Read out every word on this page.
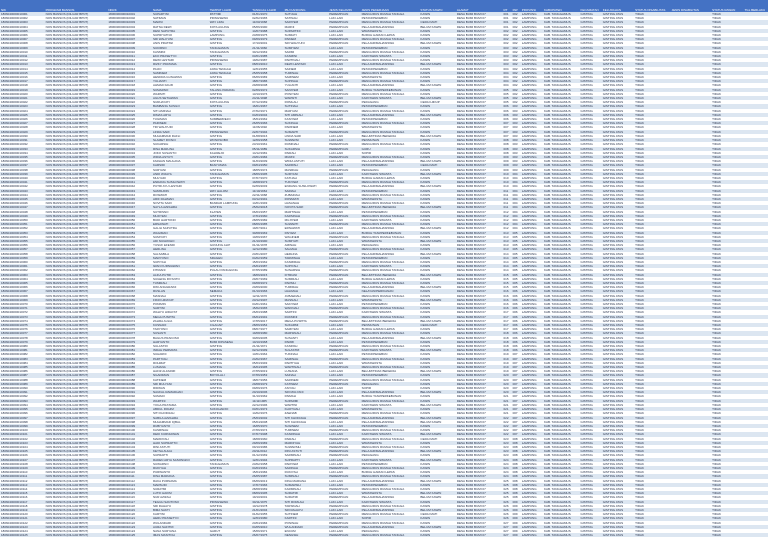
NIK	PROGRAM BANSOS	NKRK	NAMA	TEMPAT LAHIR	TANGGAL LAHIR	IBU KANDUNG	JENIS KELAMIN	JENIS PEKERJAAN	STATUS KAWIN	ALAMAT	RT	RW	PROVINSI	KABUPATEN	KECAMATAN	KELURAHAN	STATUS DISABILITAS	JENIS DISABILITAS	STATUS RAWAN	TGL BERLAKU
1806040000010001	NON BANSOS (DILUAR BPNT)	1806030000010001	SUPARTINI	PATTIMI	01/01/1970	SUTIJAH	PEREMPUAN	MENGURUS RUMAH TANGGA	KAWIN	DESA BUMI BUMI 07	001	002	LAMPUNG	KAB. TANGGAMUS	GISTING	GISTING ATAS	TIDAK		TIDAK	
1806040000010002	NON BANSOS (DILUAR BPNT)	1806030000010002	SATIMAN	PRINGSEWU	02/02/1965	SATINAH	LAKI-LAKI	PETANI/PEKEBUN	KAWIN	DESA BUMI BUMI 07	001	002	LAMPUNG	KAB. TANGGAMUS	GISTING	GISTING ATAS	TIDAK		TIDAK	
1806040000010003	NON BANSOS (DILUAR BPNT)	1806030000010003	MARNI	WAY LIMA	11/03/1968	SARIYEM	PEREMPUAN	MENGURUS RUMAH TANGGA	CERAI MATI	DESA BUMI BUMI 07	001	002	LAMPUNG	KAB. TANGGAMUS	GISTING	GISTING ATAS	TIDAK		TIDAK	
1806040000010004	NON BANSOS (DILUAR BPNT)	1806030000010004	RATNA DEWI	KOTA AGUNG	05/06/1990	MARNI	PEREMPUAN	PELAJAR/MAHASISWA	BELUM KAWIN	DESA BUMI BUMI 07	001	002	LAMPUNG	KAB. TANGGAMUS	GISTING	GISTING ATAS	TIDAK		TIDAK	
1806040000010005	NON BANSOS (DILUAR BPNT)	1806030000010005	DENI SAPUTRA	GISTING	14/07/1988	SUPARTINI	LAKI-LAKI	WIRASWASTA	KAWIN	DESA BUMI BUMI 07	002	002	LAMPUNG	KAB. TANGGAMUS	GISTING	GISTING ATAS	TIDAK		TIDAK	
1806040000010006	NON BANSOS (DILUAR BPNT)	1806030000010006	SUPRIYATNO	LAMPUNG	23/08/1975	SUMIATI	LAKI-LAKI	BURUH HARIAN LEPAS	KAWIN	DESA BUMI BUMI 07	002	002	LAMPUNG	KAB. TANGGAMUS	GISTING	GISTING ATAS	TIDAK		TIDAK	
1806040000010007	NON BANSOS (DILUAR BPNT)	1806030000010007	SRI WAHYUNI	GISTING	09/09/1979	PAINEM	PEREMPUAN	MENGURUS RUMAH TANGGA	KAWIN	DESA BUMI BUMI 07	002	002	LAMPUNG	KAB. TANGGAMUS	GISTING	GISTING ATAS	TIDAK		TIDAK	
1806040000010008	NON BANSOS (DILUAR BPNT)	1806030000010008	ANIS PRATIWI	GISTING	17/10/2001	SRI WAHYUNI	PEREMPUAN	PELAJAR/MAHASISWA	BELUM KAWIN	DESA BUMI BUMI 07	002	002	LAMPUNG	KAB. TANGGAMUS	GISTING	GISTING ATAS	TIDAK		TIDAK	
1806040000010009	NON BANSOS (DILUAR BPNT)	1806030000010009	SUKIRNO	TANGGAMUS	21/11/1960	SUMIYEM	LAKI-LAKI	PETANI/PEKEBUN	KAWIN	DESA BUMI BUMI 07	003	002	LAMPUNG	KAB. TANGGAMUS	GISTING	GISTING ATAS	TIDAK		TIDAK	
1806040000010010	NON BANSOS (DILUAR BPNT)	1806030000010010	KASMINI	TANGGAMUS	30/12/1963	SARMI	PEREMPUAN	MENGURUS RUMAH TANGGA	KAWIN	DESA BUMI BUMI 07	003	002	LAMPUNG	KAB. TANGGAMUS	GISTING	GISTING ATAS	TIDAK		TIDAK	
1806040000010011	NON BANSOS (DILUAR BPNT)	1806030000010011	EKO PRASETYO	GISTING	03/01/1985	KASMINI	LAKI-LAKI	KARYAWAN SWASTA	KAWIN	DESA BUMI BUMI 07	003	002	LAMPUNG	KAB. TANGGAMUS	GISTING	GISTING ATAS	TIDAK		TIDAK	
1806040000010012	NON BANSOS (DILUAR BPNT)	1806030000010012	DEWI LESTARI	PRINGSEWU	19/02/1987	PARTINAH	PEREMPUAN	MENGURUS RUMAH TANGGA	KAWIN	DESA BUMI BUMI 07	003	002	LAMPUNG	KAB. TANGGAMUS	GISTING	GISTING ATAS	TIDAK		TIDAK	
1806040000010013	NON BANSOS (DILUAR BPNT)	1806030000010013	RIZKY PRATAMA	GISTING	08/03/2010	DEWI LESTARI	LAKI-LAKI	PELAJAR/MAHASISWA	BELUM KAWIN	DESA BUMI BUMI 07	003	002	LAMPUNG	KAB. TANGGAMUS	GISTING	GISTING ATAS	TIDAK		TIDAK	
1806040000010014	NON BANSOS (DILUAR BPNT)	1806030000010014	PAIJO	JAWA TENGAH	12/04/1955	SAINEM	LAKI-LAKI	PETANI/PEKEBUN	KAWIN	DESA BUMI BUMI 07	004	002	LAMPUNG	KAB. TANGGAMUS	GISTING	GISTING ATAS	TIDAK		TIDAK	
1806040000010015	NON BANSOS (DILUAR BPNT)	1806030000010015	SAMINEM	JAWA TENGAH	25/05/1958	TUMINAH	PEREMPUAN	MENGURUS RUMAH TANGGA	KAWIN	DESA BUMI BUMI 07	004	002	LAMPUNG	KAB. TANGGAMUS	GISTING	GISTING ATAS	TIDAK		TIDAK	
1806040000010016	NON BANSOS (DILUAR BPNT)	1806030000010016	HENDRA GUNAWAN	GISTING	06/06/1983	SAMINEM	LAKI-LAKI	WIRASWASTA	KAWIN	DESA BUMI BUMI 07	004	002	LAMPUNG	KAB. TANGGAMUS	GISTING	GISTING ATAS	TIDAK		TIDAK	
1806040000010017	NON BANSOS (DILUAR BPNT)	1806030000010017	YULIANTI	GISTING	18/07/1986	SUPINAH	PEREMPUAN	MENGURUS RUMAH TANGGA	KAWIN	DESA BUMI BUMI 07	004	002	LAMPUNG	KAB. TANGGAMUS	GISTING	GISTING ATAS	TIDAK		TIDAK	
1806040000010018	NON BANSOS (DILUAR BPNT)	1806030000010018	AHMAD FAUZI	GISTING	29/08/2008	YULIANTI	LAKI-LAKI	PELAJAR/MAHASISWA	BELUM KAWIN	DESA BUMI BUMI 07	004	002	LAMPUNG	KAB. TANGGAMUS	GISTING	GISTING ATAS	TIDAK		TIDAK	
1806040000010019	NON BANSOS (DILUAR BPNT)	1806030000010019	SUMARNO	TALANG PADANG	02/09/1972	SANIYEM	LAKI-LAKI	BURUH TANI/PERKEBUNAN	KAWIN	DESA BUMI BUMI 07	005	002	LAMPUNG	KAB. TANGGAMUS	GISTING	GISTING ATAS	TIDAK		TIDAK	
1806040000010020	NON BANSOS (DILUAR BPNT)	1806030000010020	WARSITI	GISTING	13/10/1976	PONIYEM	PEREMPUAN	MENGURUS RUMAH TANGGA	KAWIN	DESA BUMI BUMI 07	005	002	LAMPUNG	KAB. TANGGAMUS	GISTING	GISTING ATAS	TIDAK		TIDAK	
1806040000010021	NON BANSOS (DILUAR BPNT)	1806030000010021	AGUS SETIAWAN	GISTING	24/11/1998	WARSITI	LAKI-LAKI	KARYAWAN SWASTA	BELUM KAWIN	DESA BUMI BUMI 07	005	002	LAMPUNG	KAB. TANGGAMUS	GISTING	GISTING ATAS	TIDAK		TIDAK	
1806040000010022	NON BANSOS (DILUAR BPNT)	1806030000010022	NURHAYATI	KOTA AGUNG	07/12/1969	ROMLAH	PEREMPUAN	PEDAGANG	CERAI HIDUP	DESA BUMI BUMI 07	005	002	LAMPUNG	KAB. TANGGAMUS	GISTING	GISTING ATAS	TIDAK		TIDAK	
1806040000010023	NON BANSOS (DILUAR BPNT)	1806030000010023	BAMBANG SUSILO	GISTING	16/01/1967	SUTINAH	LAKI-LAKI	PETANI/PEKEBUN	KAWIN	DESA BUMI BUMI 07	006	003	LAMPUNG	KAB. TANGGAMUS	GISTING	GISTING ATAS	TIDAK		TIDAK	
1806040000010024	NON BANSOS (DILUAR BPNT)	1806030000010024	SITI AMINAH	GISTING	27/02/1971	MARYAM	PEREMPUAN	MENGURUS RUMAH TANGGA	KAWIN	DESA BUMI BUMI 07	006	003	LAMPUNG	KAB. TANGGAMUS	GISTING	GISTING ATAS	TIDAK		TIDAK	
1806040000010025	NON BANSOS (DILUAR BPNT)	1806030000010025	DIMAS ARYA	GISTING	04/03/2004	SITI AMINAH	LAKI-LAKI	PELAJAR/MAHASISWA	BELUM KAWIN	DESA BUMI BUMI 07	006	003	LAMPUNG	KAB. TANGGAMUS	GISTING	GISTING ATAS	TIDAK		TIDAK	
1806040000010026	NON BANSOS (DILUAR BPNT)	1806030000010026	TUGIMAN	SUMBERREJO	15/04/1962	KASIYEM	LAKI-LAKI	PETANI/PEKEBUN	KAWIN	DESA BUMI BUMI 07	006	003	LAMPUNG	KAB. TANGGAMUS	GISTING	GISTING ATAS	TIDAK		TIDAK	
1806040000010027	NON BANSOS (DILUAR BPNT)	1806030000010027	PARINEM	GISTING	26/05/1966	SUKINAH	PEREMPUAN	MENGURUS RUMAH TANGGA	KAWIN	DESA BUMI BUMI 07	007	003	LAMPUNG	KAB. TANGGAMUS	GISTING	GISTING ATAS	TIDAK		TIDAK	
1806040000010028	NON BANSOS (DILUAR BPNT)	1806030000010028	TRI WAHYUDI	GISTING	11/06/1992	PARINEM	LAKI-LAKI	WIRASWASTA	KAWIN	DESA BUMI BUMI 07	007	003	LAMPUNG	KAB. TANGGAMUS	GISTING	GISTING ATAS	TIDAK		TIDAK	
1806040000010029	NON BANSOS (DILUAR BPNT)	1806030000010029	LINDA SARI	PRINGSEWU	22/07/1994	SUMARTI	PEREMPUAN	MENGURUS RUMAH TANGGA	KAWIN	DESA BUMI BUMI 07	007	003	LAMPUNG	KAB. TANGGAMUS	GISTING	GISTING ATAS	TIDAK		TIDAK	
1806040000010030	NON BANSOS (DILUAR BPNT)	1806030000010030	MUHAMMAD RAFLI	GISTING	01/08/2016	LINDA SARI	LAKI-LAKI	BELUM/TIDAK BEKERJA	BELUM KAWIN	DESA BUMI BUMI 07	007	003	LAMPUNG	KAB. TANGGAMUS	GISTING	GISTING ATAS	TIDAK		TIDAK	
1806040000010031	NON BANSOS (DILUAR BPNT)	1806030000010031	SLAMET RIYADI	WONOSOBO	12/09/1958	SUWARNI	LAKI-LAKI	PENSIUNAN	KAWIN	DESA BUMI BUMI 07	008	003	LAMPUNG	KAB. TANGGAMUS	GISTING	GISTING ATAS	TIDAK		TIDAK	
1806040000010032	NON BANSOS (DILUAR BPNT)	1806030000010032	SUKARSIH	GISTING	23/10/1961	RUMINAH	PEREMPUAN	MENGURUS RUMAH TANGGA	KAWIN	DESA BUMI BUMI 07	008	003	LAMPUNG	KAB. TANGGAMUS	GISTING	GISTING ATAS	TIDAK		TIDAK	
1806040000010033	NON BANSOS (DILUAR BPNT)	1806030000010033	RINA MARLINA	GISTING	05/11/1989	SUKARSIH	PEREMPUAN	GURU	KAWIN	DESA BUMI BUMI 07	008	003	LAMPUNG	KAB. TANGGAMUS	GISTING	GISTING ATAS	TIDAK		TIDAK	
1806040000010034	NON BANSOS (DILUAR BPNT)	1806030000010034	JOKO SUSANTO	KALIREJO	14/12/1981	PAIRAH	LAKI-LAKI	SOPIR	KAWIN	DESA BUMI BUMI 07	008	003	LAMPUNG	KAB. TANGGAMUS	GISTING	GISTING ATAS	TIDAK		TIDAK	
1806040000010035	NON BANSOS (DILUAR BPNT)	1806030000010035	WIDIA ASTUTI	GISTING	20/01/1984	MURNI	PEREMPUAN	MENGURUS RUMAH TANGGA	KAWIN	DESA BUMI BUMI 07	009	003	LAMPUNG	KAB. TANGGAMUS	GISTING	GISTING ATAS	TIDAK		TIDAK	
1806040000010036	NON BANSOS (DILUAR BPNT)	1806030000010036	FARHAN MAULANA	GISTING	31/03/2009	WIDIA ASTUTI	LAKI-LAKI	PELAJAR/MAHASISWA	BELUM KAWIN	DESA BUMI BUMI 07	009	003	LAMPUNG	KAB. TANGGAMUS	GISTING	GISTING ATAS	TIDAK		TIDAK	
1806040000010037	NON BANSOS (DILUAR BPNT)	1806030000010037	KARSIDI	BANYUMAS	09/04/1950	SARIPAH	LAKI-LAKI	PETANI/PEKEBUN	CERAI MATI	DESA BUMI BUMI 07	009	003	LAMPUNG	KAB. TANGGAMUS	GISTING	GISTING ATAS	TIDAK		TIDAK	
1806040000010038	NON BANSOS (DILUAR BPNT)	1806030000010038	SURYANI	GISTING	18/05/1974	MASRIAH	PEREMPUAN	PEDAGANG	KAWIN	DESA BUMI BUMI 07	009	003	LAMPUNG	KAB. TANGGAMUS	GISTING	GISTING ATAS	TIDAK		TIDAK	
1806040000010039	NON BANSOS (DILUAR BPNT)	1806030000010039	ANDI WIJAYA	TANGGAMUS	28/06/1995	SURYANI	LAKI-LAKI	KARYAWAN SWASTA	BELUM KAWIN	DESA BUMI BUMI 07	010	004	LAMPUNG	KAB. TANGGAMUS	GISTING	GISTING ATAS	TIDAK		TIDAK	
1806040000010040	NON BANSOS (DILUAR BPNT)	1806030000010040	MULYADI	GISTING	07/07/1970	KATIJAH	LAKI-LAKI	BURUH HARIAN LEPAS	KAWIN	DESA BUMI BUMI 07	010	004	LAMPUNG	KAB. TANGGAMUS	GISTING	GISTING ATAS	TIDAK		TIDAK	
1806040000010041	NON BANSOS (DILUAR BPNT)	1806030000010041	ENDANG SUSILOWATI	GISTING	19/08/1973	TUKIYEM	PEREMPUAN	MENGURUS RUMAH TANGGA	KAWIN	DESA BUMI BUMI 07	010	004	LAMPUNG	KAB. TANGGAMUS	GISTING	GISTING ATAS	TIDAK		TIDAK	
1806040000010042	NON BANSOS (DILUAR BPNT)	1806030000010042	PUTRI AYU LESTARI	GISTING	02/09/2003	ENDANG SUSILOWATI	PEREMPUAN	PELAJAR/MAHASISWA	BELUM KAWIN	DESA BUMI BUMI 07	010	004	LAMPUNG	KAB. TANGGAMUS	GISTING	GISTING ATAS	TIDAK		TIDAK	
1806040000010043	NON BANSOS (DILUAR BPNT)	1806030000010043	SAMSUDIN	WAY HALOM	11/10/1964	SARIAH	LAKI-LAKI	PETANI/PEKEBUN	KAWIN	DESA BUMI BUMI 07	011	004	LAMPUNG	KAB. TANGGAMUS	GISTING	GISTING ATAS	TIDAK		TIDAK	
1806040000010044	NON BANSOS (DILUAR BPNT)	1806030000010044	ROSMIATI	GISTING	22/11/1968	ZUBAIDAH	PEREMPUAN	MENGURUS RUMAH TANGGA	KAWIN	DESA BUMI BUMI 07	011	004	LAMPUNG	KAB. TANGGAMUS	GISTING	GISTING ATAS	TIDAK		TIDAK	
1806040000010045	NON BANSOS (DILUAR BPNT)	1806030000010045	ARIF RAHMAN	GISTING	03/12/1991	ROSMIATI	LAKI-LAKI	WIRASWASTA	KAWIN	DESA BUMI BUMI 07	011	004	LAMPUNG	KAB. TANGGAMUS	GISTING	GISTING ATAS	TIDAK		TIDAK	
1806040000010046	NON BANSOS (DILUAR BPNT)	1806030000010046	NOVITA SARI	BANDAR LAMPUNG	14/01/1993	HASANAH	PEREMPUAN	MENGURUS RUMAH TANGGA	KAWIN	DESA BUMI BUMI 07	011	004	LAMPUNG	KAB. TANGGAMUS	GISTING	GISTING ATAS	TIDAK		TIDAK	
1806040000010047	NON BANSOS (DILUAR BPNT)	1806030000010047	NAYLA AZZAHRA	GISTING	25/02/2018	NOVITA SARI	PEREMPUAN	BELUM/TIDAK BEKERJA	BELUM KAWIN	DESA BUMI BUMI 07	011	004	LAMPUNG	KAB. TANGGAMUS	GISTING	GISTING ATAS	TIDAK		TIDAK	
1806040000010048	NON BANSOS (DILUAR BPNT)	1806030000010048	SUTRISNO	KLATEN	06/03/1957	MARTINAH	LAKI-LAKI	PETANI/PEKEBUN	KAWIN	DESA BUMI BUMI 07	012	004	LAMPUNG	KAB. TANGGAMUS	GISTING	GISTING ATAS	TIDAK		TIDAK	
1806040000010049	NON BANSOS (DILUAR BPNT)	1806030000010049	MUJIYEM	GISTING	17/04/1960	KARSINAH	PEREMPUAN	MENGURUS RUMAH TANGGA	KAWIN	DESA BUMI BUMI 07	012	004	LAMPUNG	KAB. TANGGAMUS	GISTING	GISTING ATAS	TIDAK		TIDAK	
1806040000010050	NON BANSOS (DILUAR BPNT)	1806030000010050	BUDI HARTONO	GISTING	28/05/1982	MUJIYEM	LAKI-LAKI	KARYAWAN SWASTA	KAWIN	DESA BUMI BUMI 07	012	004	LAMPUNG	KAB. TANGGAMUS	GISTING	GISTING ATAS	TIDAK		TIDAK	
1806040000010051	NON BANSOS (DILUAR BPNT)	1806030000010051	ERNAWATI	GISTING	08/06/1985	SUWARTI	PEREMPUAN	MENGURUS RUMAH TANGGA	KAWIN	DESA BUMI BUMI 07	012	004	LAMPUNG	KAB. TANGGAMUS	GISTING	GISTING ATAS	TIDAK		TIDAK	
1806040000010052	NON BANSOS (DILUAR BPNT)	1806030000010052	GALIH SAPUTRA	GISTING	19/07/2011	ERNAWATI	LAKI-LAKI	PELAJAR/MAHASISWA	BELUM KAWIN	DESA BUMI BUMI 07	012	004	LAMPUNG	KAB. TANGGAMUS	GISTING	GISTING ATAS	TIDAK		TIDAK	
1806040000010053	NON BANSOS (DILUAR BPNT)	1806030000010053	WAGIMAN	GISTING	30/08/1963	PAIYEM	LAKI-LAKI	BURUH TANI/PERKEBUNAN	KAWIN	DESA BUMI BUMI 07	013	005	LAMPUNG	KAB. TANGGAMUS	GISTING	GISTING ATAS	TIDAK		TIDAK	
1806040000010054	NON BANSOS (DILUAR BPNT)	1806030000010054	SUMIYATI	GISTING	10/09/1967	WAGINEM	PEREMPUAN	MENGURUS RUMAH TANGGA	KAWIN	DESA BUMI BUMI 07	013	005	LAMPUNG	KAB. TANGGAMUS	GISTING	GISTING ATAS	TIDAK		TIDAK	
1806040000010055	NON BANSOS (DILUAR BPNT)	1806030000010055	ADI NUGROHO	GISTING	21/10/1990	SUMIYATI	LAKI-LAKI	WIRASWASTA	BELUM KAWIN	DESA BUMI BUMI 07	013	005	LAMPUNG	KAB. TANGGAMUS	GISTING	GISTING ATAS	TIDAK		TIDAK	
1806040000010056	NON BANSOS (DILUAR BPNT)	1806030000010056	YUSUF EFENDI	GUNUNG ALIP	01/11/1978	AMINAH	LAKI-LAKI	PEDAGANG	KAWIN	DESA BUMI BUMI 07	013	005	LAMPUNG	KAB. TANGGAMUS	GISTING	GISTING ATAS	TIDAK		TIDAK	
1806040000010057	NON BANSOS (DILUAR BPNT)	1806030000010057	HERLINA	GISTING	12/12/1980	SALMAH	PEREMPUAN	MENGURUS RUMAH TANGGA	KAWIN	DESA BUMI BUMI 07	013	005	LAMPUNG	KAB. TANGGAMUS	GISTING	GISTING ATAS	TIDAK		TIDAK	
1806040000010058	NON BANSOS (DILUAR BPNT)	1806030000010058	SALSABILA	GISTING	23/01/2007	HERLINA	PEREMPUAN	PELAJAR/MAHASISWA	BELUM KAWIN	DESA BUMI BUMI 07	014	005	LAMPUNG	KAB. TANGGAMUS	GISTING	GISTING ATAS	TIDAK		TIDAK	
1806040000010059	NON BANSOS (DILUAR BPNT)	1806030000010059	MARYONO	SRAGEN	04/02/1959	TARMINAH	LAKI-LAKI	PETANI/PEKEBUN	KAWIN	DESA BUMI BUMI 07	014	005	LAMPUNG	KAB. TANGGAMUS	GISTING	GISTING ATAS	TIDAK		TIDAK	
1806040000010060	NON BANSOS (DILUAR BPNT)	1806030000010060	SUPIYAH	GISTING	15/03/1962	KASMIRAH	PEREMPUAN	MENGURUS RUMAH TANGGA	KAWIN	DESA BUMI BUMI 07	014	005	LAMPUNG	KAB. TANGGAMUS	GISTING	GISTING ATAS	TIDAK		TIDAK	
1806040000010061	NON BANSOS (DILUAR BPNT)	1806030000010061	IWAN KURNIAWAN	GISTING	26/04/1987	SUPIYAH	LAKI-LAKI	KARYAWAN SWASTA	KAWIN	DESA BUMI BUMI 07	014	005	LAMPUNG	KAB. TANGGAMUS	GISTING	GISTING ATAS	TIDAK		TIDAK	
1806040000010062	NON BANSOS (DILUAR BPNT)	1806030000010062	FITRIANI	PULAU PANGGUNG	07/05/1989	SUNARSIH	PEREMPUAN	MENGURUS RUMAH TANGGA	KAWIN	DESA BUMI BUMI 07	014	005	LAMPUNG	KAB. TANGGAMUS	GISTING	GISTING ATAS	TIDAK		TIDAK	
1806040000010063	NON BANSOS (DILUAR BPNT)	1806030000010063	ALIKA PUTRI	GISTING	18/06/2015	FITRIANI	PEREMPUAN	BELUM/TIDAK BEKERJA	BELUM KAWIN	DESA BUMI BUMI 07	015	005	LAMPUNG	KAB. TANGGAMUS	GISTING	GISTING ATAS	TIDAK		TIDAK	
1806040000010064	NON BANSOS (DILUAR BPNT)	1806030000010064	SUGENG RIYANTO	GISTING	29/07/1969	SUMIRAH	LAKI-LAKI	BURUH HARIAN LEPAS	KAWIN	DESA BUMI BUMI 07	015	005	LAMPUNG	KAB. TANGGAMUS	GISTING	GISTING ATAS	TIDAK		TIDAK	
1806040000010065	NON BANSOS (DILUAR BPNT)	1806030000010065	TUMIRAH	GISTING	09/08/1972	PARSIH	PEREMPUAN	MENGURUS RUMAH TANGGA	KAWIN	DESA BUMI BUMI 07	015	005	LAMPUNG	KAB. TANGGAMUS	GISTING	GISTING ATAS	TIDAK		TIDAK	
1806040000010066	NON BANSOS (DILUAR BPNT)	1806030000010066	DWI ANGGRAINI	GISTING	20/09/2000	TUMIRAH	PEREMPUAN	PELAJAR/MAHASISWA	BELUM KAWIN	DESA BUMI BUMI 07	015	005	LAMPUNG	KAB. TANGGAMUS	GISTING	GISTING ATAS	TIDAK		TIDAK	
1806040000010067	NON BANSOS (DILUAR BPNT)	1806030000010067	RUSLAN	SEMAKA	01/10/1966	HALIMAH	LAKI-LAKI	NELAYAN/PERIKANAN	KAWIN	DESA BUMI BUMI 07	016	006	LAMPUNG	KAB. TANGGAMUS	GISTING	GISTING ATAS	TIDAK		TIDAK	
1806040000010068	NON BANSOS (DILUAR BPNT)	1806030000010068	MASNAH	GISTING	12/11/1970	JUBAEDAH	PEREMPUAN	MENGURUS RUMAH TANGGA	KAWIN	DESA BUMI BUMI 07	016	006	LAMPUNG	KAB. TANGGAMUS	GISTING	GISTING ATAS	TIDAK		TIDAK	
1806040000010069	NON BANSOS (DILUAR BPNT)	1806030000010069	FIKRI HIDAYAT	GISTING	23/12/1997	MASNAH	LAKI-LAKI	WIRASWASTA	BELUM KAWIN	DESA BUMI BUMI 07	016	006	LAMPUNG	KAB. TANGGAMUS	GISTING	GISTING ATAS	TIDAK		TIDAK	
1806040000010070	NON BANSOS (DILUAR BPNT)	1806030000010070	PONIMIN	GISTING	04/01/1961	SAKIYEM	LAKI-LAKI	PETANI/PEKEBUN	KAWIN	DESA BUMI BUMI 07	016	006	LAMPUNG	KAB. TANGGAMUS	GISTING	GISTING ATAS	TIDAK		TIDAK	
1806040000010071	NON BANSOS (DILUAR BPNT)	1806030000010071	SARTINI	GISTING	15/02/1965	WAKINAH	PEREMPUAN	MENGURUS RUMAH TANGGA	KAWIN	DESA BUMI BUMI 07	016	006	LAMPUNG	KAB. TANGGAMUS	GISTING	GISTING ATAS	TIDAK		TIDAK	
1806040000010072	NON BANSOS (DILUAR BPNT)	1806030000010072	WAHYU HIDAYAT	GISTING	26/03/1988	SARTINI	LAKI-LAKI	KARYAWAN SWASTA	KAWIN	DESA BUMI BUMI 07	017	006	LAMPUNG	KAB. TANGGAMUS	GISTING	GISTING ATAS	TIDAK		TIDAK	
1806040000010073	NON BANSOS (DILUAR BPNT)	1806030000010073	MEGA PUSPITA	GISTING	06/04/1991	RUKMINI	PEREMPUAN	MENGURUS RUMAH TANGGA	KAWIN	DESA BUMI BUMI 07	017	006	LAMPUNG	KAB. TANGGAMUS	GISTING	GISTING ATAS	TIDAK		TIDAK	
1806040000010074	NON BANSOS (DILUAR BPNT)	1806030000010074	ZAHRA AULIA	GISTING	17/05/2017	MEGA PUSPITA	PEREMPUAN	BELUM/TIDAK BEKERJA	BELUM KAWIN	DESA BUMI BUMI 07	017	006	LAMPUNG	KAB. TANGGAMUS	GISTING	GISTING ATAS	TIDAK		TIDAK	
1806040000010075	NON BANSOS (DILUAR BPNT)	1806030000010075	KUSNADI	CILACAP	28/06/1954	SUKARMI	LAKI-LAKI	PENSIUNAN	CERAI MATI	DESA BUMI BUMI 07	017	006	LAMPUNG	KAB. TANGGAMUS	GISTING	GISTING ATAS	TIDAK		TIDAK	
1806040000010076	NON BANSOS (DILUAR BPNT)	1806030000010076	TARYONO	GISTING	08/07/1977	SAMIYEM	LAKI-LAKI	BURUH HARIAN LEPAS	KAWIN	DESA BUMI BUMI 07	017	006	LAMPUNG	KAB. TANGGAMUS	GISTING	GISTING ATAS	TIDAK		TIDAK	
1806040000010077	NON BANSOS (DILUAR BPNT)	1806030000010077	SUSANTI	GISTING	19/08/1980	MARSINAH	PEREMPUAN	MENGURUS RUMAH TANGGA	KAWIN	DESA BUMI BUMI 07	018	006	LAMPUNG	KAB. TANGGAMUS	GISTING	GISTING ATAS	TIDAK		TIDAK	
1806040000010078	NON BANSOS (DILUAR BPNT)	1806030000010078	BAGUS PRAKOSO	GISTING	30/09/2005	SUSANTI	LAKI-LAKI	PELAJAR/MAHASISWA	BELUM KAWIN	DESA BUMI BUMI 07	018	006	LAMPUNG	KAB. TANGGAMUS	GISTING	GISTING ATAS	TIDAK		TIDAK	
1806040000010079	NON BANSOS (DILUAR BPNT)	1806030000010079	HARYANTO	BUMI DIPASENA	10/10/1968	PARMI	LAKI-LAKI	PETANI/PEKEBUN	KAWIN	DESA BUMI BUMI 07	018	006	LAMPUNG	KAB. TANGGAMUS	GISTING	GISTING ATAS	TIDAK		TIDAK	
1806040000010080	NON BANSOS (DILUAR BPNT)	1806030000010080	SULASTRI	GISTING	21/11/1971	KASIPAH	PEREMPUAN	MENGURUS RUMAH TANGGA	KAWIN	DESA BUMI BUMI 07	018	006	LAMPUNG	KAB. TANGGAMUS	GISTING	GISTING ATAS	TIDAK		TIDAK	
1806040000010081	NON BANSOS (DILUAR BPNT)	1806030000010081	INDAH PERMATA	GISTING	02/12/1999	SULASTRI	PEREMPUAN	KARYAWAN SWASTA	BELUM KAWIN	DESA BUMI BUMI 07	018	006	LAMPUNG	KAB. TANGGAMUS	GISTING	GISTING ATAS	TIDAK		TIDAK	
1806040000010082	NON BANSOS (DILUAR BPNT)	1806030000010082	SUHARDI	GISTING	13/01/1964	TUKINAH	LAKI-LAKI	PETANI/PEKEBUN	KAWIN	DESA BUMI BUMI 07	019	007	LAMPUNG	KAB. TANGGAMUS	GISTING	GISTING ATAS	TIDAK		TIDAK	
1806040000010083	NON BANSOS (DILUAR BPNT)	1806030000010083	PARTIYAH	GISTING	24/02/1967	SAMINAH	PEREMPUAN	MENGURUS RUMAH TANGGA	KAWIN	DESA BUMI BUMI 07	019	007	LAMPUNG	KAB. TANGGAMUS	GISTING	GISTING ATAS	TIDAK		TIDAK	
1806040000010084	NON BANSOS (DILUAR BPNT)	1806030000010084	ROHMAT	GISTING	05/03/1993	PARTIYAH	LAKI-LAKI	WIRASWASTA	KAWIN	DESA BUMI BUMI 07	019	007	LAMPUNG	KAB. TANGGAMUS	GISTING	GISTING ATAS	TIDAK		TIDAK	
1806040000010085	NON BANSOS (DILUAR BPNT)	1806030000010085	LUSIANA	GISTING	16/04/1995	WARTINAH	PEREMPUAN	MENGURUS RUMAH TANGGA	KAWIN	DESA BUMI BUMI 07	019	007	LAMPUNG	KAB. TANGGAMUS	GISTING	GISTING ATAS	TIDAK		TIDAK	
1806040000010086	NON BANSOS (DILUAR BPNT)	1806030000010086	HAFIZ ALFARIZI	GISTING	27/05/2019	LUSIANA	LAKI-LAKI	BELUM/TIDAK BEKERJA	BELUM KAWIN	DESA BUMI BUMI 07	019	007	LAMPUNG	KAB. TANGGAMUS	GISTING	GISTING ATAS	TIDAK		TIDAK	
1806040000010087	NON BANSOS (DILUAR BPNT)	1806030000010087	NGADIMAN	BOYOLALI	07/06/1953	SAINAH	LAKI-LAKI	PETANI/PEKEBUN	KAWIN	DESA BUMI BUMI 07	020	007	LAMPUNG	KAB. TANGGAMUS	GISTING	GISTING ATAS	TIDAK		TIDAK	
1806040000010088	NON BANSOS (DILUAR BPNT)	1806030000010088	KATINEM	GISTING	18/07/1956	SARINEM	PEREMPUAN	MENGURUS RUMAH TANGGA	KAWIN	DESA BUMI BUMI 07	020	007	LAMPUNG	KAB. TANGGAMUS	GISTING	GISTING ATAS	TIDAK		TIDAK	
1806040000010089	NON BANSOS (DILUAR BPNT)	1806030000010089	SRI MULYANI	GISTING	29/08/1979	KATINEM	PEREMPUAN	PEDAGANG	KAWIN	DESA BUMI BUMI 07	020	007	LAMPUNG	KAB. TANGGAMUS	GISTING	GISTING ATAS	TIDAK		TIDAK	
1806040000010090	NON BANSOS (DILUAR BPNT)	1806030000010090	RIDWAN	GISTING	09/09/1976	ASIYAH	LAKI-LAKI	SOPIR	KAWIN	DESA BUMI BUMI 07	020	007	LAMPUNG	KAB. TANGGAMUS	GISTING	GISTING ATAS	TIDAK		TIDAK	
1806040000010091	NON BANSOS (DILUAR BPNT)	1806030000010091	NAUFAL RAMADHAN	GISTING	20/10/2006	SRI MULYANI	LAKI-LAKI	PELAJAR/MAHASISWA	BELUM KAWIN	DESA BUMI BUMI 07	020	007	LAMPUNG	KAB. TANGGAMUS	GISTING	GISTING ATAS	TIDAK		TIDAK	
1806040000010092	NON BANSOS (DILUAR BPNT)	1806030000010092	SUMADI	GISTING	31/10/1962	PAIMAH	LAKI-LAKI	BURUH TANI/PERKEBUNAN	KAWIN	DESA BUMI BUMI 07	021	007	LAMPUNG	KAB. TANGGAMUS	GISTING	GISTING ATAS	TIDAK		TIDAK	
1806040000010093	NON BANSOS (DILUAR BPNT)	1806030000010093	WARTINI	GISTING	11/11/1965	SUPARMI	PEREMPUAN	MENGURUS RUMAH TANGGA	KAWIN	DESA BUMI BUMI 07	021	007	LAMPUNG	KAB. TANGGAMUS	GISTING	GISTING ATAS	TIDAK		TIDAK	
1806040000010094	NON BANSOS (DILUAR BPNT)	1806030000010094	YOGA PRATAMA	GISTING	22/12/1996	WARTINI	LAKI-LAKI	KARYAWAN SWASTA	BELUM KAWIN	DESA BUMI BUMI 07	021	007	LAMPUNG	KAB. TANGGAMUS	GISTING	GISTING ATAS	TIDAK		TIDAK	
1806040000010095	NON BANSOS (DILUAR BPNT)	1806030000010095	ABDUL ROHIM	SUKOHARJO	03/01/1973	KHOTIJAH	LAKI-LAKI	WIRASWASTA	KAWIN	DESA BUMI BUMI 07	021	007	LAMPUNG	KAB. TANGGAMUS	GISTING	GISTING ATAS	TIDAK		TIDAK	
1806040000010096	NON BANSOS (DILUAR BPNT)	1806030000010096	SITI KHODIJAH	GISTING	14/02/1976	ZAENAB	PEREMPUAN	MENGURUS RUMAH TANGGA	KAWIN	DESA BUMI BUMI 07	021	007	LAMPUNG	KAB. TANGGAMUS	GISTING	GISTING ATAS	TIDAK		TIDAK	
1806040000010097	NON BANSOS (DILUAR BPNT)	1806030000010097	NABILA AZZAHRA	GISTING	25/03/2002	SITI KHODIJAH	PEREMPUAN	PELAJAR/MAHASISWA	BELUM KAWIN	DESA BUMI BUMI 07	022	007	LAMPUNG	KAB. TANGGAMUS	GISTING	GISTING ATAS	TIDAK		TIDAK	
1806040000010098	NON BANSOS (DILUAR BPNT)	1806030000010098	MUHAMMAD IQBAL	GISTING	05/04/2008	SITI KHODIJAH	LAKI-LAKI	PELAJAR/MAHASISWA	BELUM KAWIN	DESA BUMI BUMI 07	022	007	LAMPUNG	KAB. TANGGAMUS	GISTING	GISTING ATAS	TIDAK		TIDAK	
1806040000010099	NON BANSOS (DILUAR BPNT)	1806030000010099	RUBIYANTO	GISTING	16/05/1970	SUGINEM	LAKI-LAKI	PETANI/PEKEBUN	KAWIN	DESA BUMI BUMI 07	022	007	LAMPUNG	KAB. TANGGAMUS	GISTING	GISTING ATAS	TIDAK		TIDAK	
1806040000010100	NON BANSOS (DILUAR BPNT)	1806030000010100	KASRINAH	GISTING	27/06/1974	TUMINEM	PEREMPUAN	MENGURUS RUMAH TANGGA	KAWIN	DESA BUMI BUMI 07	022	007	LAMPUNG	KAB. TANGGAMUS	GISTING	GISTING ATAS	TIDAK		TIDAK	
1806040000010101	NON BANSOS (DILUAR BPNT)	1806030000010101	DEDI KURNIAWAN	GISTING	07/07/1998	KASRINAH	LAKI-LAKI	KARYAWAN SWASTA	BELUM KAWIN	DESA BUMI BUMI 07	022	007	LAMPUNG	KAB. TANGGAMUS	GISTING	GISTING ATAS	TIDAK		TIDAK	
1806040000010102	NON BANSOS (DILUAR BPNT)	1806030000010102	MARDIYAH	GISTING	18/08/1960	PAIRAH	PEREMPUAN	MENGURUS RUMAH TANGGA	CERAI MATI	DESA BUMI BUMI 07	023	008	LAMPUNG	KAB. TANGGAMUS	GISTING	GISTING ATAS	TIDAK		TIDAK	
1806040000010103	NON BANSOS (DILUAR BPNT)	1806030000010103	HADI SUPRAPTO	GISTING	29/09/1983	MARDIYAH	LAKI-LAKI	WIRASWASTA	KAWIN	DESA BUMI BUMI 07	023	008	LAMPUNG	KAB. TANGGAMUS	GISTING	GISTING ATAS	TIDAK		TIDAK	
1806040000010104	NON BANSOS (DILUAR BPNT)	1806030000010104	RINI ASTUTI	GISTING	09/10/1986	SUWARSIH	PEREMPUAN	MENGURUS RUMAH TANGGA	KAWIN	DESA BUMI BUMI 07	023	008	LAMPUNG	KAB. TANGGAMUS	GISTING	GISTING ATAS	TIDAK		TIDAK	
1806040000010105	NON BANSOS (DILUAR BPNT)	1806030000010105	KEYSA AULIA	GISTING	20/11/2012	RINI ASTUTI	PEREMPUAN	PELAJAR/MAHASISWA	BELUM KAWIN	DESA BUMI BUMI 07	023	008	LAMPUNG	KAB. TANGGAMUS	GISTING	GISTING ATAS	TIDAK		TIDAK	
1806040000010106	NON BANSOS (DILUAR BPNT)	1806030000010106	SUPRAPTI	GISTING	01/12/1969	SARMINAH	PEREMPUAN	PEDAGANG	KAWIN	DESA BUMI BUMI 07	023	008	LAMPUNG	KAB. TANGGAMUS	GISTING	GISTING ATAS	TIDAK		TIDAK	
1806040000010107	NON BANSOS (DILUAR BPNT)	1806030000010107	RADEN ARYA SASONGKO	GISTING	12/01/1994	SUPRAPTI	LAKI-LAKI	KARYAWAN SWASTA	BELUM KAWIN	DESA BUMI BUMI 07	024	008	LAMPUNG	KAB. TANGGAMUS	GISTING	GISTING ATAS	TIDAK		TIDAK	
1806040000010108	NON BANSOS (DILUAR BPNT)	1806030000010108	SUWARNO	TANGGAMUS	23/02/1958	PARIYEM	LAKI-LAKI	PETANI/PEKEBUN	KAWIN	DESA BUMI BUMI 07	024	008	LAMPUNG	KAB. TANGGAMUS	GISTING	GISTING ATAS	TIDAK		TIDAK	
1806040000010109	NON BANSOS (DILUAR BPNT)	1806030000010109	RUKIYAH	GISTING	04/03/1961	SARINAH	PEREMPUAN	MENGURUS RUMAH TANGGA	KAWIN	DESA BUMI BUMI 07	024	008	LAMPUNG	KAB. TANGGAMUS	GISTING	GISTING ATAS	TIDAK		TIDAK	
1806040000010110	NON BANSOS (DILUAR BPNT)	1806030000010110	PURWANTO	GISTING	15/04/1984	RUKIYAH	LAKI-LAKI	BURUH HARIAN LEPAS	KAWIN	DESA BUMI BUMI 07	024	008	LAMPUNG	KAB. TANGGAMUS	GISTING	GISTING ATAS	TIDAK		TIDAK	
1806040000010111	NON BANSOS (DILUAR BPNT)	1806030000010111	DINA MARIANA	GISTING	26/05/1987	SUMINAH	PEREMPUAN	MENGURUS RUMAH TANGGA	KAWIN	DESA BUMI BUMI 07	024	008	LAMPUNG	KAB. TANGGAMUS	GISTING	GISTING ATAS	TIDAK		TIDAK	
1806040000010112	NON BANSOS (DILUAR BPNT)	1806030000010112	RAKA PURNAMA	GISTING	06/06/2013	DINA MARIANA	LAKI-LAKI	PELAJAR/MAHASISWA	BELUM KAWIN	DESA BUMI BUMI 07	025	008	LAMPUNG	KAB. TANGGAMUS	GISTING	GISTING ATAS	TIDAK		TIDAK	
1806040000010113	NON BANSOS (DILUAR BPNT)	1806030000010113	MARSUDI	GISTING	17/07/1966	SUMARSIH	LAKI-LAKI	PETANI/PEKEBUN	KAWIN	DESA BUMI BUMI 07	025	008	LAMPUNG	KAB. TANGGAMUS	GISTING	GISTING ATAS	TIDAK		TIDAK	
1806040000010114	NON BANSOS (DILUAR BPNT)	1806030000010114	SURATMI	GISTING	28/08/1969	KARMINAH	PEREMPUAN	MENGURUS RUMAH TANGGA	KAWIN	DESA BUMI BUMI 07	025	008	LAMPUNG	KAB. TANGGAMUS	GISTING	GISTING ATAS	TIDAK		TIDAK	
1806040000010115	NON BANSOS (DILUAR BPNT)	1806030000010115	LUTFI HAKIM	GISTING	08/09/1995	SURATMI	LAKI-LAKI	WIRASWASTA	BELUM KAWIN	DESA BUMI BUMI 07	025	008	LAMPUNG	KAB. TANGGAMUS	GISTING	GISTING ATAS	TIDAK		TIDAK	
1806040000010116	NON BANSOS (DILUAR BPNT)	1806030000010116	NUR AZIZAH	GISTING	19/10/2001	SURATMI	PEREMPUAN	PELAJAR/MAHASISWA	BELUM KAWIN	DESA BUMI BUMI 07	025	008	LAMPUNG	KAB. TANGGAMUS	GISTING	GISTING ATAS	TIDAK		TIDAK	
1806040000010117	NON BANSOS (DILUAR BPNT)	1806030000010117	TEGUH SANTOSO	PRINGSEWU	30/11/1975	SITI ROMLAH	LAKI-LAKI	KARYAWAN SWASTA	KAWIN	DESA BUMI BUMI 07	026	009	LAMPUNG	KAB. TANGGAMUS	GISTING	GISTING ATAS	TIDAK		TIDAK	
1806040000010118	NON BANSOS (DILUAR BPNT)	1806030000010118	SRI RAHAYU	GISTING	10/12/1978	TARSINAH	PEREMPUAN	MENGURUS RUMAH TANGGA	KAWIN	DESA BUMI BUMI 07	026	009	LAMPUNG	KAB. TANGGAMUS	GISTING	GISTING ATAS	TIDAK		TIDAK	
1806040000010119	NON BANSOS (DILUAR BPNT)	1806030000010119	BIMA SAKTI	GISTING	21/01/2004	SRI RAHAYU	LAKI-LAKI	PELAJAR/MAHASISWA	BELUM KAWIN	DESA BUMI BUMI 07	026	009	LAMPUNG	KAB. TANGGAMUS	GISTING	GISTING ATAS	TIDAK		TIDAK	
1806040000010120	NON BANSOS (DILUAR BPNT)	1806030000010120	KARTINI	GISTING	01/02/1955	SUTINEM	PEREMPUAN	MENGURUS RUMAH TANGGA	CERAI MATI	DESA BUMI BUMI 07	026	009	LAMPUNG	KAB. TANGGAMUS	GISTING	GISTING ATAS	TIDAK		TIDAK	
1806040000010121	NON BANSOS (DILUAR BPNT)	1806030000010121	HERU PRASETYO	GISTING	12/03/1980	KARTINI	LAKI-LAKI	SOPIR	KAWIN	DESA BUMI BUMI 07	026	009	LAMPUNG	KAB. TANGGAMUS	GISTING	GISTING ATAS	TIDAK		TIDAK	
1806040000010122	NON BANSOS (DILUAR BPNT)	1806030000010122	WULANDARI	GISTING	23/04/1984	PONINAH	PEREMPUAN	MENGURUS RUMAH TANGGA	KAWIN	DESA BUMI BUMI 07	027	009	LAMPUNG	KAB. TANGGAMUS	GISTING	GISTING ATAS	TIDAK		TIDAK	
1806040000010123	NON BANSOS (DILUAR BPNT)	1806030000010123	AURA SAFITRI	GISTING	04/05/2010	WULANDARI	PEREMPUAN	PELAJAR/MAHASISWA	BELUM KAWIN	DESA BUMI BUMI 07	027	009	LAMPUNG	KAB. TANGGAMUS	GISTING	GISTING ATAS	TIDAK		TIDAK	
1806040000010124	NON BANSOS (DILUAR BPNT)	1806030000010124	NANA SURYANA	GARUT	15/06/1971	ENCUM	LAKI-LAKI	PEDAGANG	KAWIN	DESA BUMI BUMI 07	027	009	LAMPUNG	KAB. TANGGAMUS	GISTING	GISTING ATAS	TIDAK		TIDAK	
1806040000010125	NON BANSOS (DILUAR BPNT)	1806030000010125	IMAS MASITOH	GISTING	26/07/1975	NENGSIH	PEREMPUAN	MENGURUS RUMAH TANGGA	KAWIN	DESA BUMI BUMI 07	027	009	LAMPUNG	KAB. TANGGAMUS	GISTING	GISTING ATAS	TIDAK		TIDAK	
